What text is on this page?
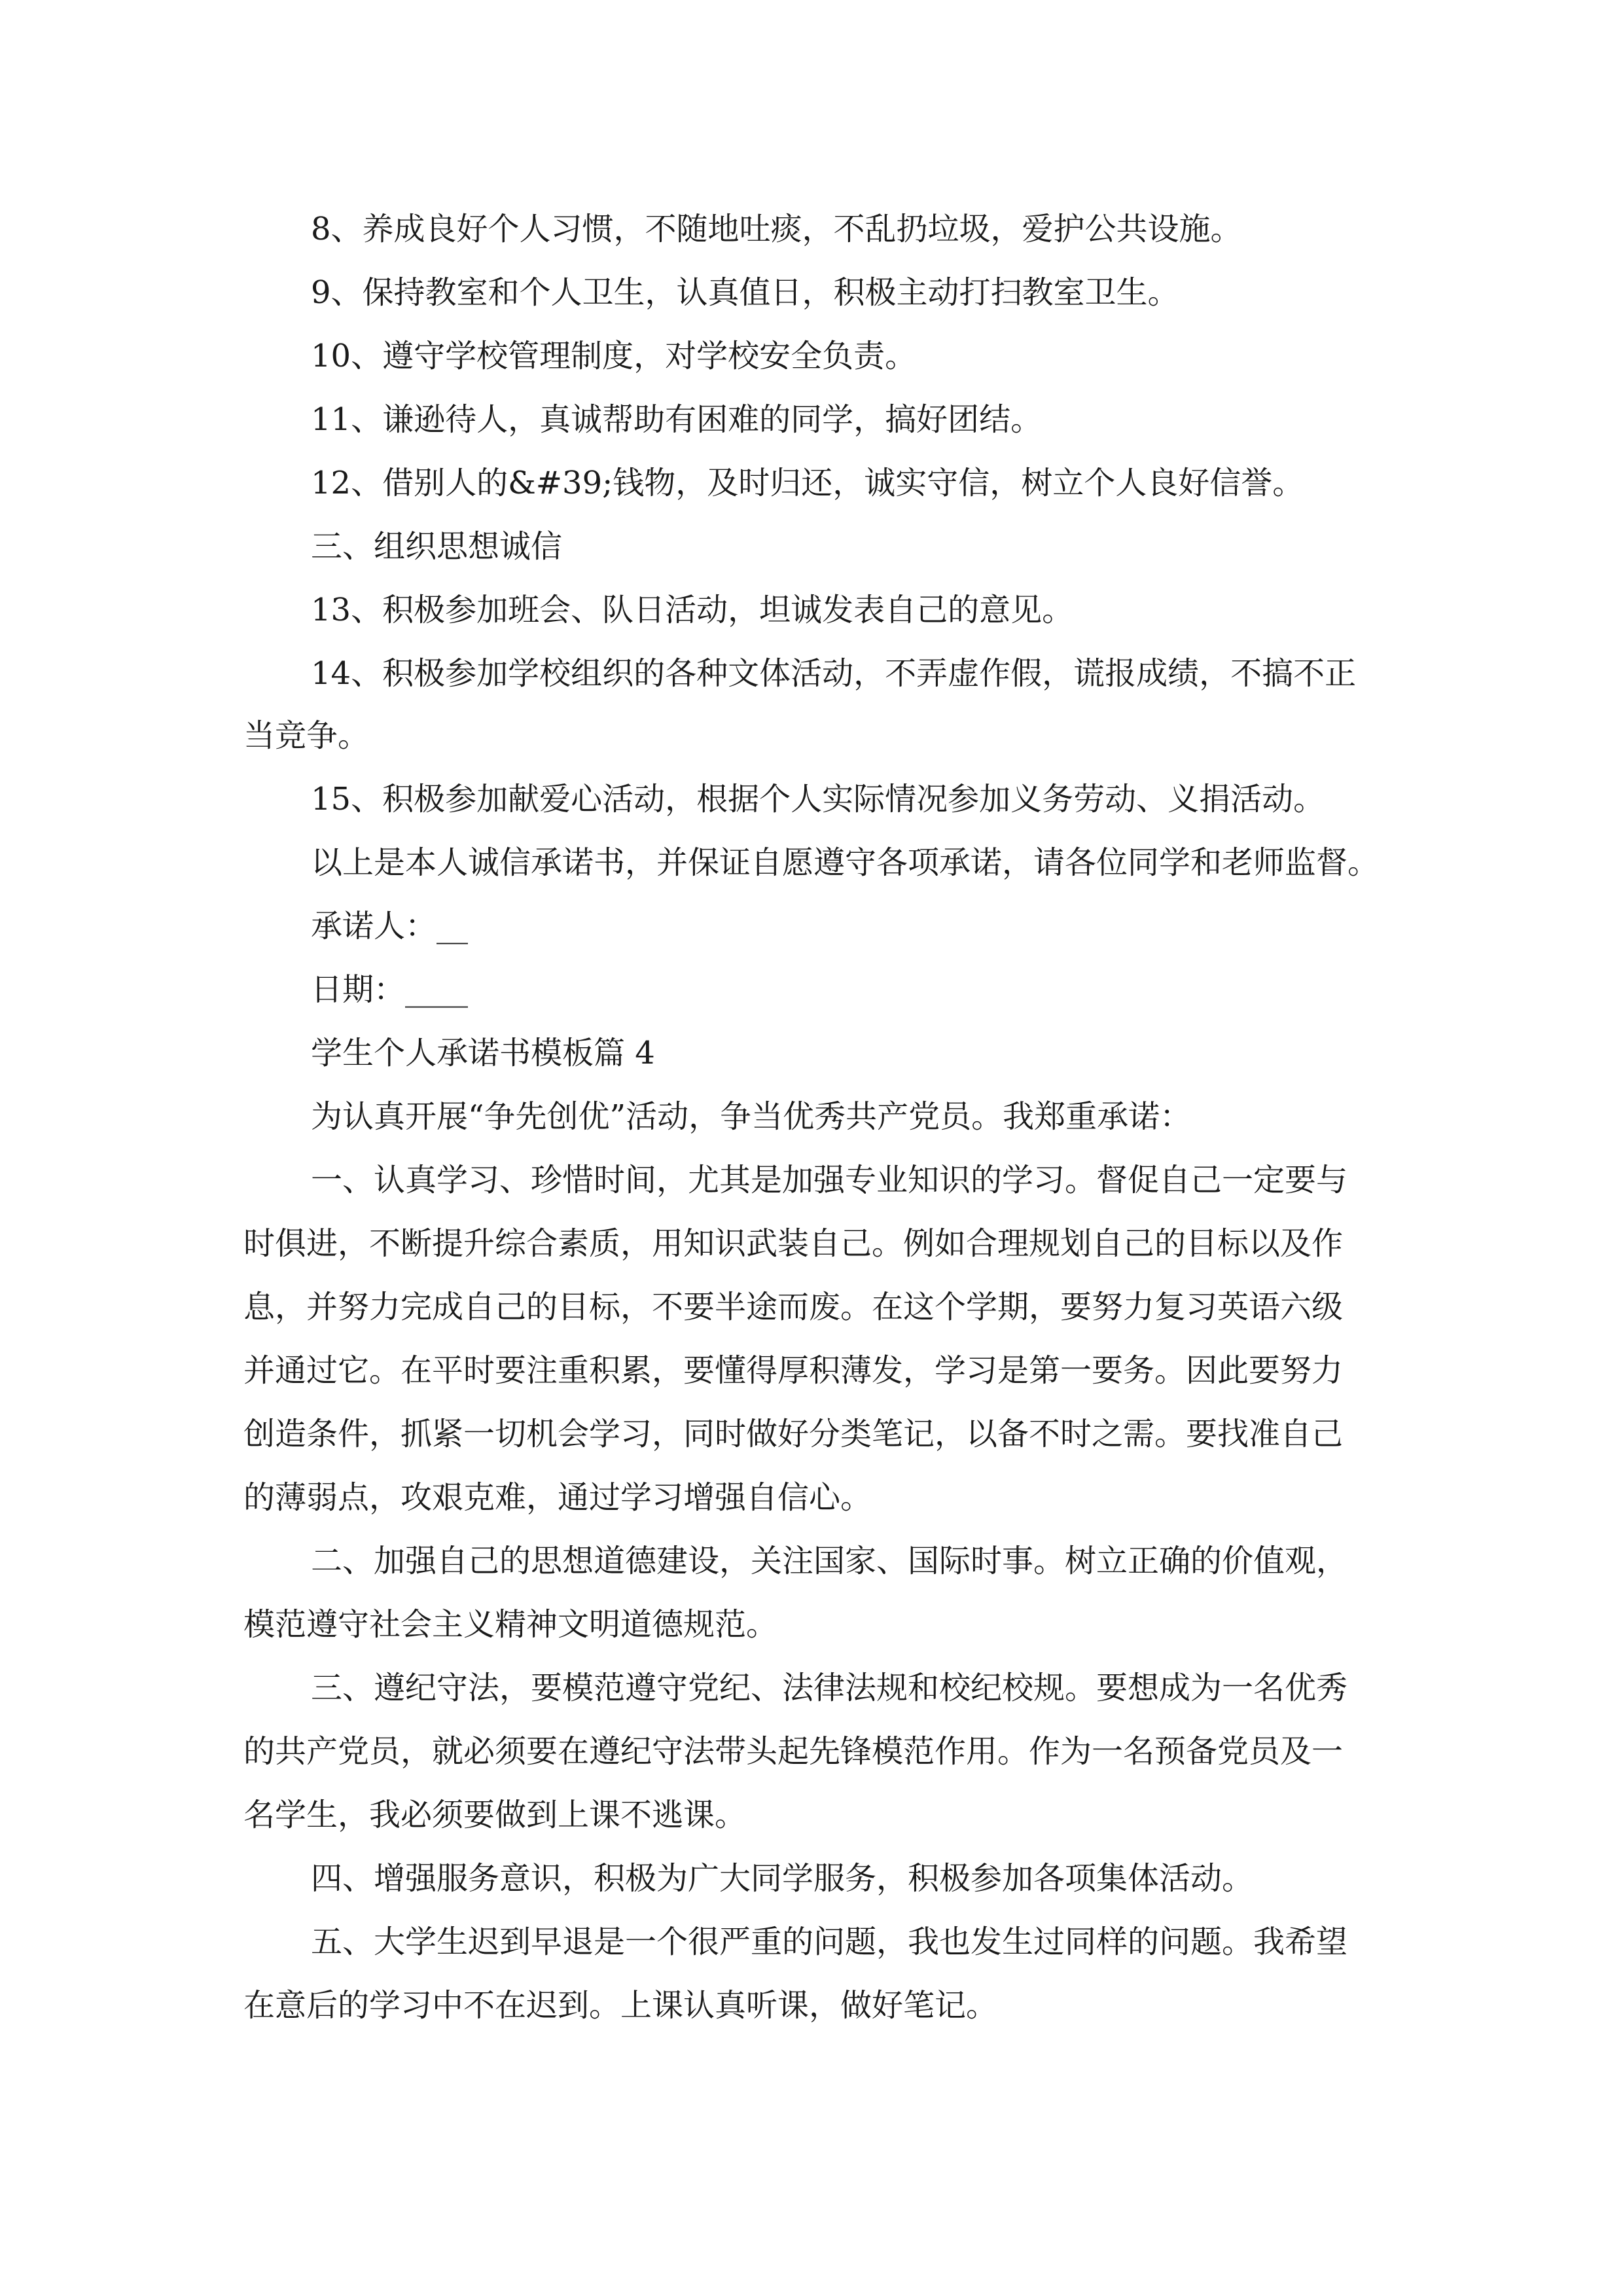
8、养成良好个人习惯，不随地吐痰，不乱扔垃圾，爱护公共设施。
9、保持教室和个人卫生，认真值日，积极主动打扫教室卫生。
10、遵守学校管理制度，对学校安全负责。
11、谦逊待人，真诚帮助有困难的同学，搞好团结。
12、借别人的&#39;钱物，及时归还，诚实守信，树立个人良好信誉。
三、组织思想诚信
13、积极参加班会、队日活动，坦诚发表自己的意见。
14、积极参加学校组织的各种文体活动，不弄虚作假，谎报成绩，不搞不正
当竞争。
15、积极参加献爱心活动，根据个人实际情况参加义务劳动、义捐活动。
以上是本人诚信承诺书，并保证自愿遵守各项承诺，请各位同学和老师监督。
承诺人：__
日期：____
学生个人承诺书模板篇 4
为认真开展“争先创优”活动，争当优秀共产党员。我郑重承诺：
一、认真学习、珍惜时间，尤其是加强专业知识的学习。督促自己一定要与
时俱进，不断提升综合素质，用知识武装自己。例如合理规划自己的目标以及作
息，并努力完成自己的目标，不要半途而废。在这个学期，要努力复习英语六级
并通过它。在平时要注重积累，要懂得厚积薄发，学习是第一要务。因此要努力
创造条件，抓紧一切机会学习，同时做好分类笔记，以备不时之需。要找准自己
的薄弱点，攻艰克难，通过学习增强自信心。
二、加强自己的思想道德建设，关注国家、国际时事。树立正确的价值观，
模范遵守社会主义精神文明道德规范。
三、遵纪守法，要模范遵守党纪、法律法规和校纪校规。要想成为一名优秀
的共产党员，就必须要在遵纪守法带头起先锋模范作用。作为一名预备党员及一
名学生，我必须要做到上课不逃课。
四、增强服务意识，积极为广大同学服务，积极参加各项集体活动。
五、大学生迟到早退是一个很严重的问题，我也发生过同样的问题。我希望
在意后的学习中不在迟到。上课认真听课，做好笔记。
